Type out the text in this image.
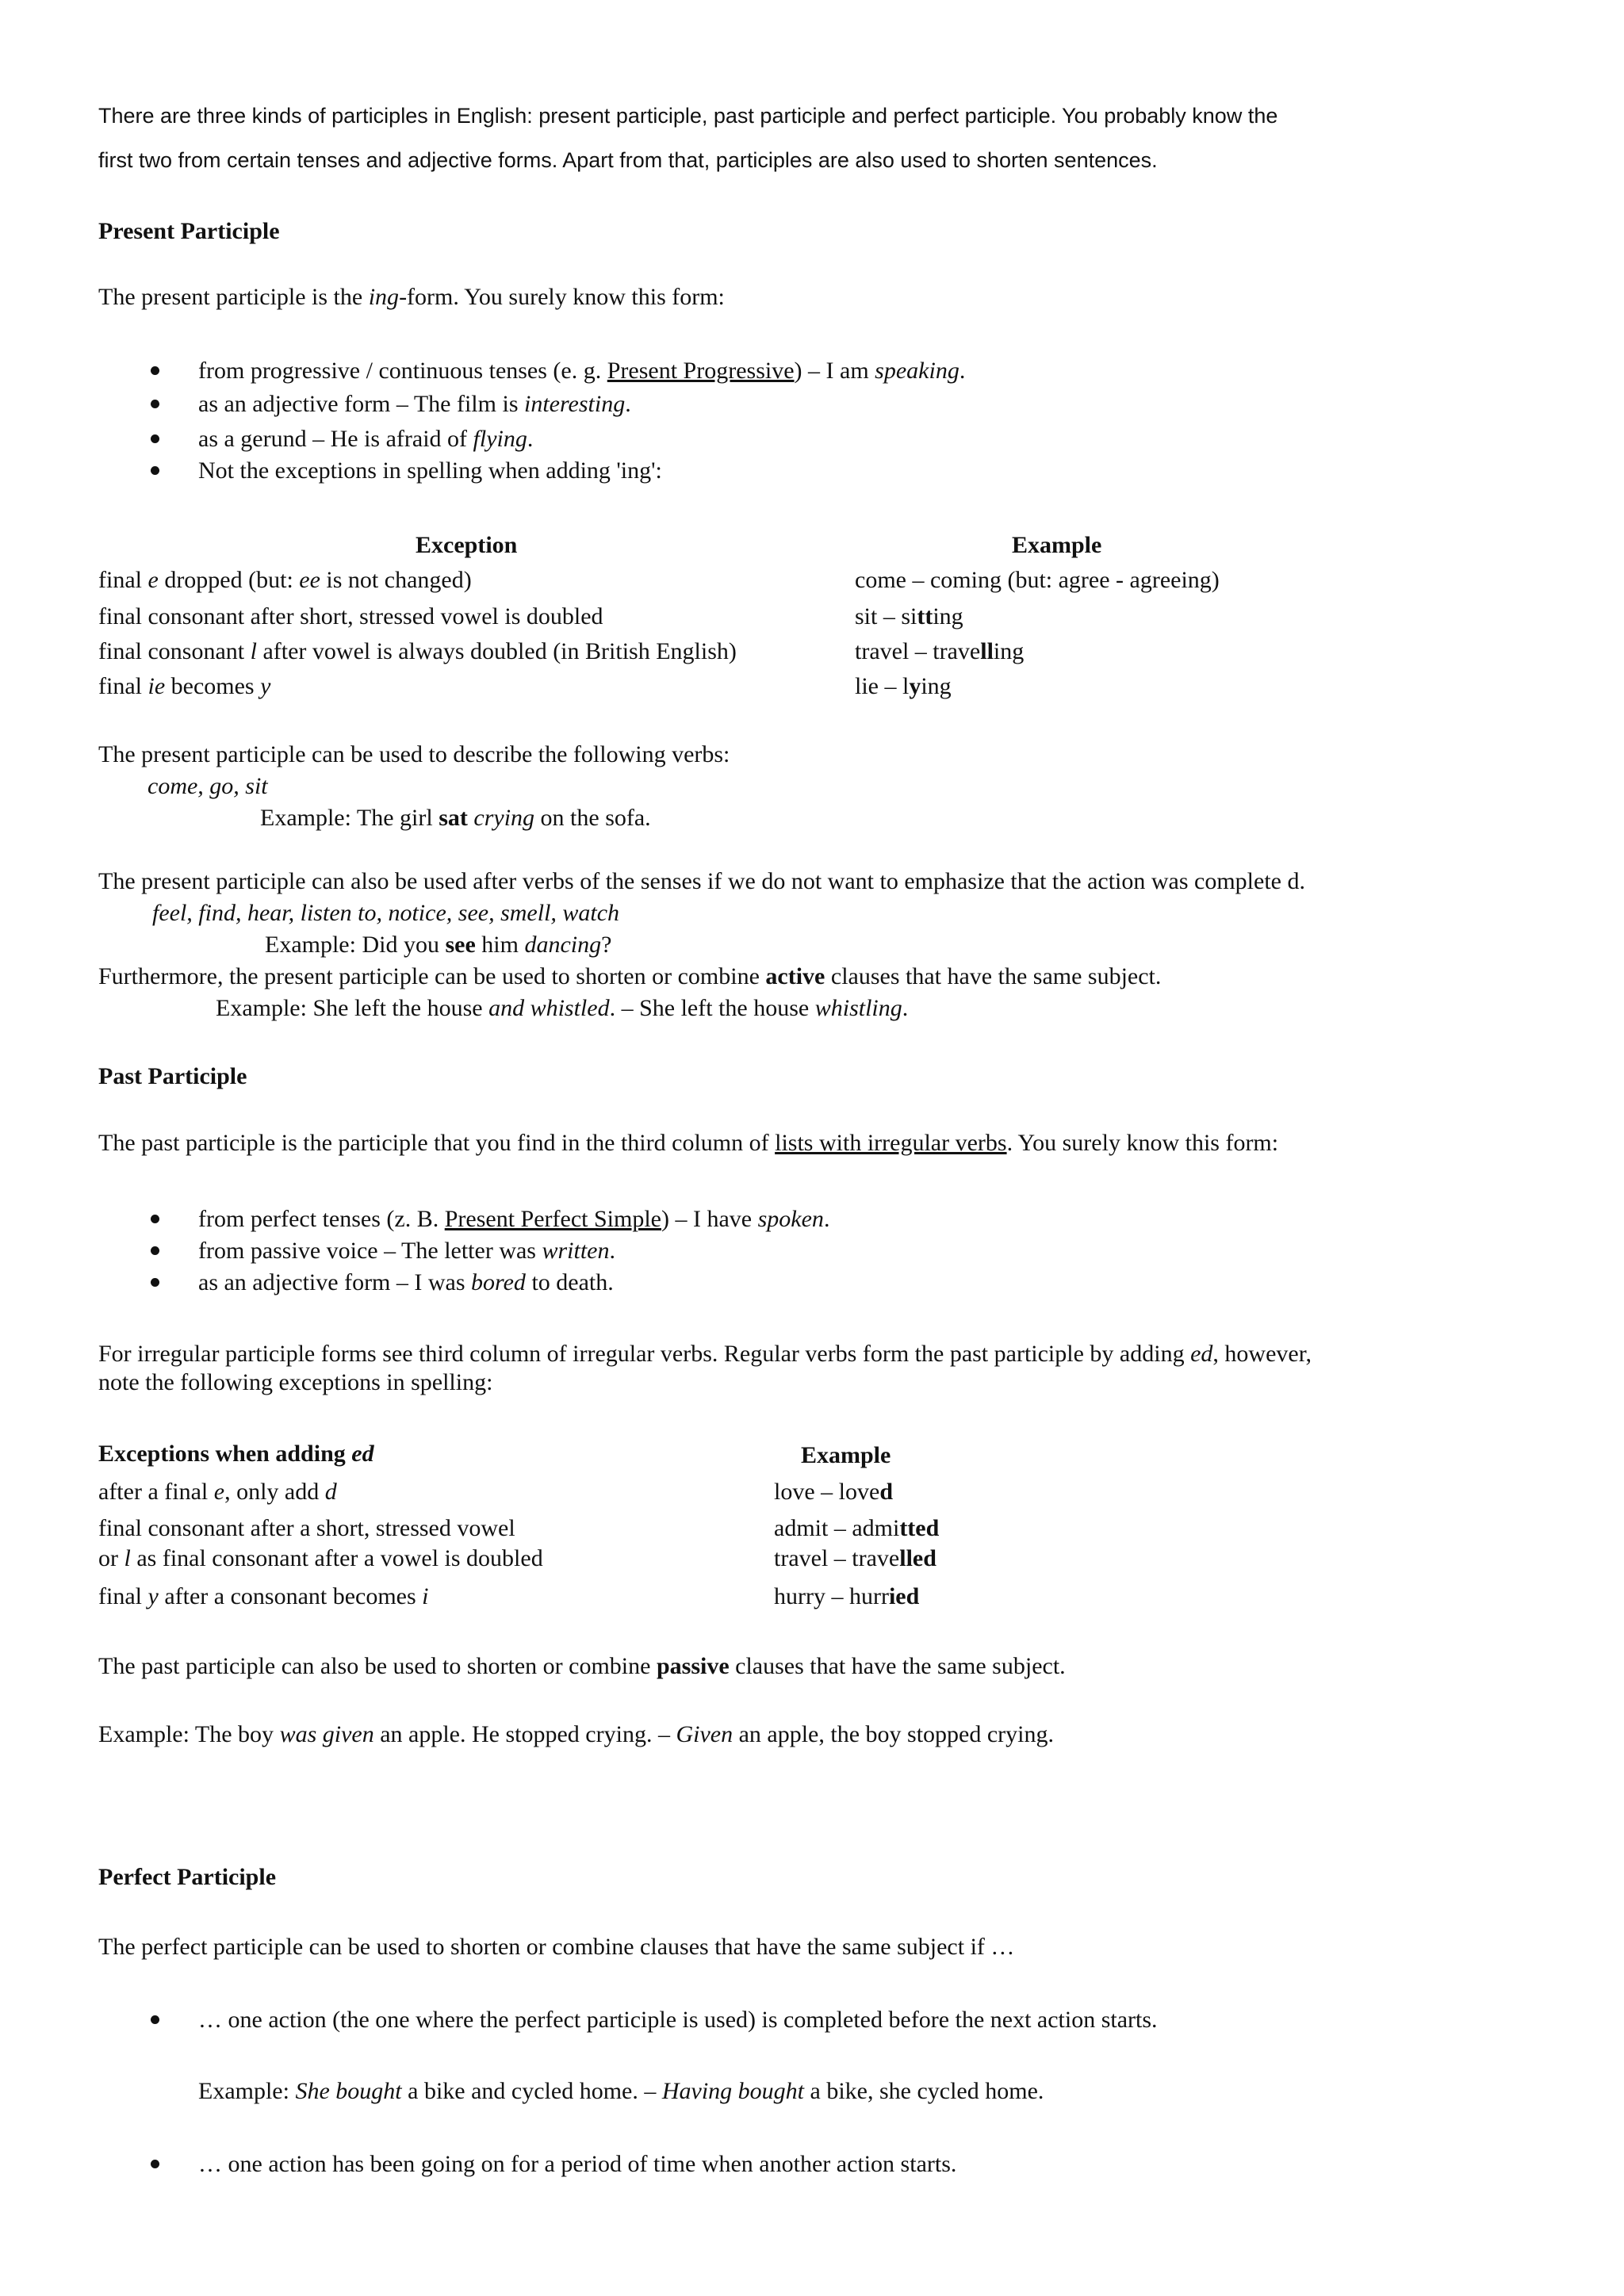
There are three kinds of participles in English: present participle, past participle and perfect participle. You probably know the
first two from certain tenses and adjective forms. Apart from that, participles are also used to shorten sentences.
Present Participle
The present participle is the ing-form. You surely know this form:
from progressive / continuous tenses (e. g. Present Progressive) – I am speaking.
as an adjective form – The film is interesting.
as a gerund – He is afraid of flying.
Not the exceptions in spelling when adding 'ing':
Exception	Example
final e dropped (but: ee is not changed)	come – coming (but: agree - agreeing)
final consonant after short, stressed vowel is doubled	sit – sitting
final consonant l after vowel is always doubled (in British English)	travel – travelling
final ie becomes y	lie – lying
The present participle can be used to describe the following verbs:
come, go, sit
Example: The girl sat crying on the sofa.
The present participle can also be used after verbs of the senses if we do not want to emphasize that the action was complete d.
feel, find, hear, listen to, notice, see, smell, watch
Example: Did you see him dancing?
Furthermore, the present participle can be used to shorten or combine active clauses that have the same subject.
Example: She left the house and whistled. – She left the house whistling.
Past Participle
The past participle is the participle that you find in the third column of lists with irregular verbs. You surely know this form:
from perfect tenses (z. B. Present Perfect Simple) – I have spoken.
from passive voice – The letter was written.
as an adjective form – I was bored to death.
For irregular participle forms see third column of irregular verbs. Regular verbs form the past participle by adding ed, however,
note the following exceptions in spelling:
Exceptions when adding ed	Example
after a final e, only add d	love – loved
final consonant after a short, stressed vowel	admit – admitted
or l as final consonant after a vowel is doubled	travel – travelled
final y after a consonant becomes i	hurry – hurried
The past participle can also be used to shorten or combine passive clauses that have the same subject.
Example: The boy was given an apple. He stopped crying. – Given an apple, the boy stopped crying.
Perfect Participle
The perfect participle can be used to shorten or combine clauses that have the same subject if …
… one action (the one where the perfect participle is used) is completed before the next action starts.
Example: She bought a bike and cycled home. – Having bought a bike, she cycled home.
… one action has been going on for a period of time when another action starts.
